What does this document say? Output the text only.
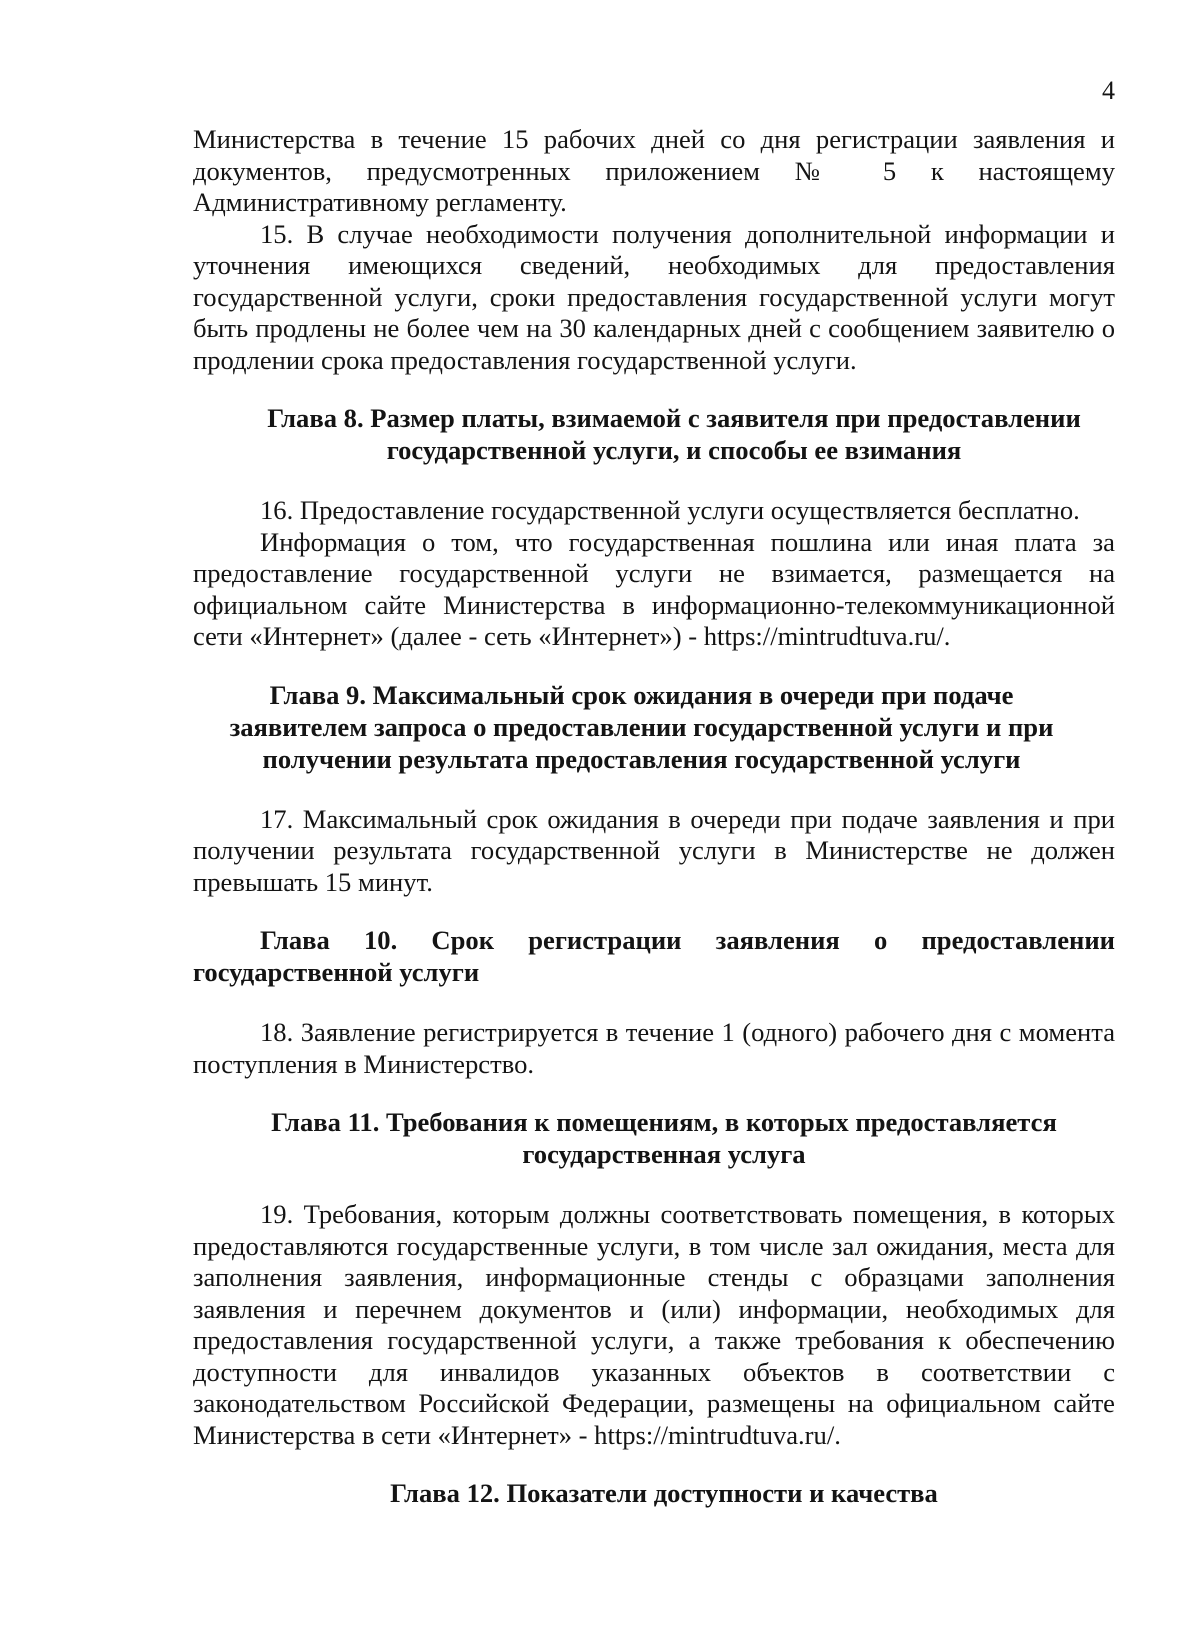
4

Министерства в течение 15 рабочих дней со дня регистрации заявления и документов, предусмотренных приложением № 5 к настоящему Административному регламенту.

15. В случае необходимости получения дополнительной информации и уточнения имеющихся сведений, необходимых для предоставления государственной услуги, сроки предоставления государственной услуги могут быть продлены не более чем на 30 календарных дней с сообщением заявителю о продлении срока предоставления государственной услуги.

Глава 8. Размер платы, взимаемой с заявителя при предоставлении государственной услуги, и способы ее взимания

16. Предоставление государственной услуги осуществляется бесплатно.

Информация о том, что государственная пошлина или иная плата за предоставление государственной услуги не взимается, размещается на официальном сайте Министерства в информационно-телекоммуникационной сети «Интернет» (далее - сеть «Интернет») - https://mintrudtuva.ru/.

Глава 9. Максимальный срок ожидания в очереди при подаче заявителем запроса о предоставлении государственной услуги и при получении результата предоставления государственной услуги

17. Максимальный срок ожидания в очереди при подаче заявления и при получении результата государственной услуги в Министерстве не должен превышать 15 минут.

Глава 10. Срок регистрации заявления о предоставлении государственной услуги

18. Заявление регистрируется в течение 1 (одного) рабочего дня с момента поступления в Министерство.

Глава 11. Требования к помещениям, в которых предоставляется государственная услуга

19. Требования, которым должны соответствовать помещения, в которых предоставляются государственные услуги, в том числе зал ожидания, места для заполнения заявления, информационные стенды с образцами заполнения заявления и перечнем документов и (или) информации, необходимых для предоставления государственной услуги, а также требования к обеспечению доступности для инвалидов указанных объектов в соответствии с законодательством Российской Федерации, размещены на официальном сайте Министерства в сети «Интернет» - https://mintrudtuva.ru/.

Глава 12. Показатели доступности и качества
